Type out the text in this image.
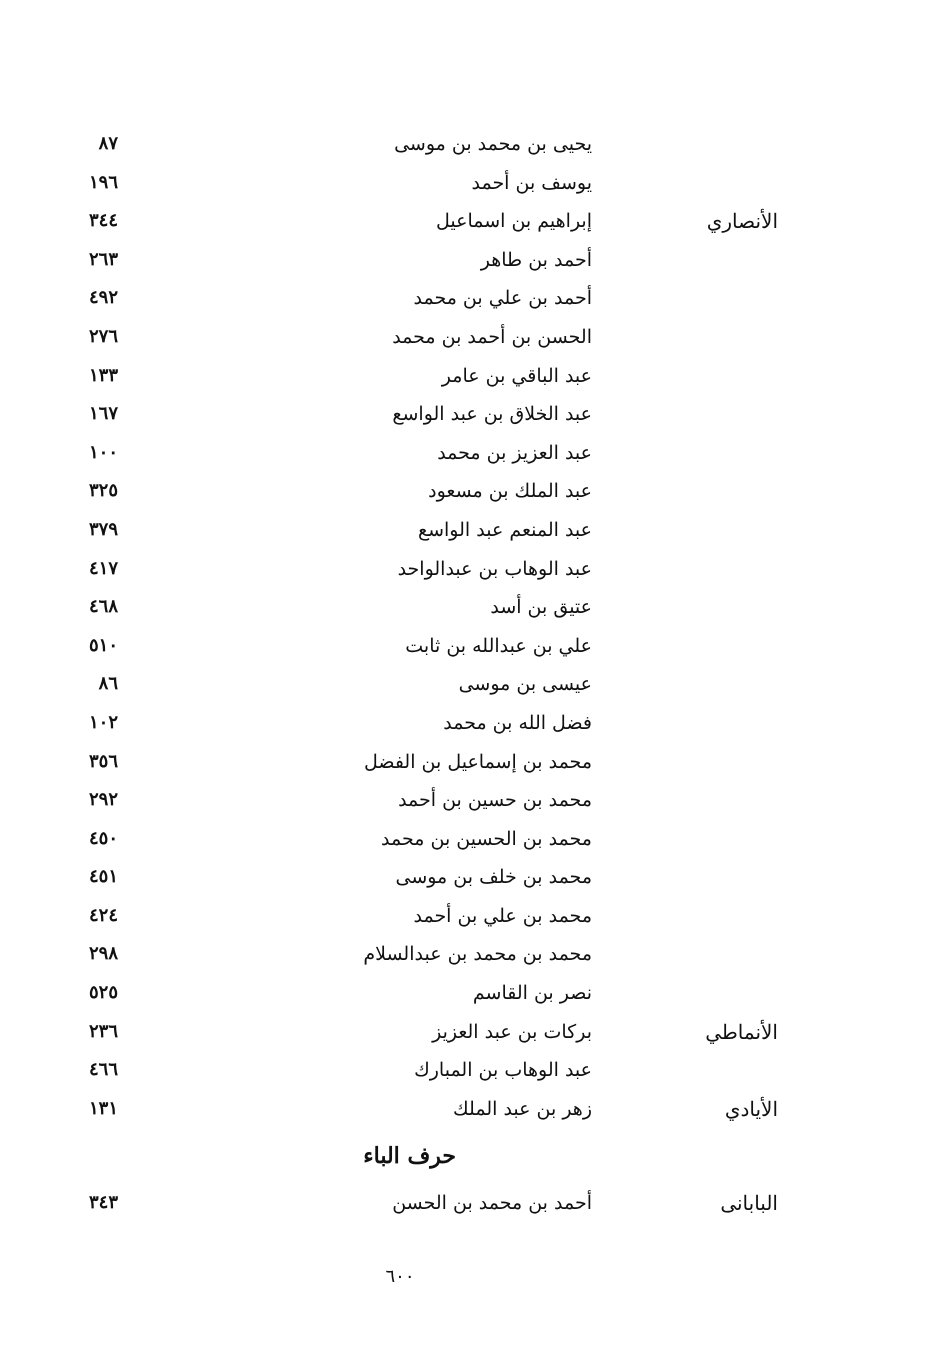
يحيى بن محمد بن موسى
٨٧
يوسف بن أحمد
١٩٦
الأنصاري
إبراهيم بن اسماعيل
٣٤٤
أحمد بن طاهر
٢٦٣
أحمد بن علي بن محمد
٤٩٢
الحسن بن أحمد بن محمد
٢٧٦
عبد الباقي بن عامر
١٣٣
عبد الخلاق بن عبد الواسع
١٦٧
عبد العزيز بن محمد
١٠٠
عبد الملك بن مسعود
٣٢٥
عبد المنعم عبد الواسع
٣٧٩
عبد الوهاب بن عبدالواحد
٤١٧
عتيق بن أسد
٤٦٨
علي بن عبدالله بن ثابت
٥١٠
عيسى بن موسى
٨٦
فضل الله بن محمد
١٠٢
محمد بن إسماعيل بن الفضل
٣٥٦
محمد بن حسين بن أحمد
٢٩٢
محمد بن الحسين بن محمد
٤٥٠
محمد بن خلف بن موسى
٤٥١
محمد بن علي بن أحمد
٤٢٤
محمد بن محمد بن عبدالسلام
٢٩٨
نصر بن القاسم
٥٢٥
الأنماطي
بركات بن عبد العزيز
٢٣٦
عبد الوهاب بن المبارك
٤٦٦
الأيادي
زهر بن عبد الملك
١٣١
حرف الباء
البابانى
أحمد بن محمد بن الحسن
٣٤٣
٦٠٠
